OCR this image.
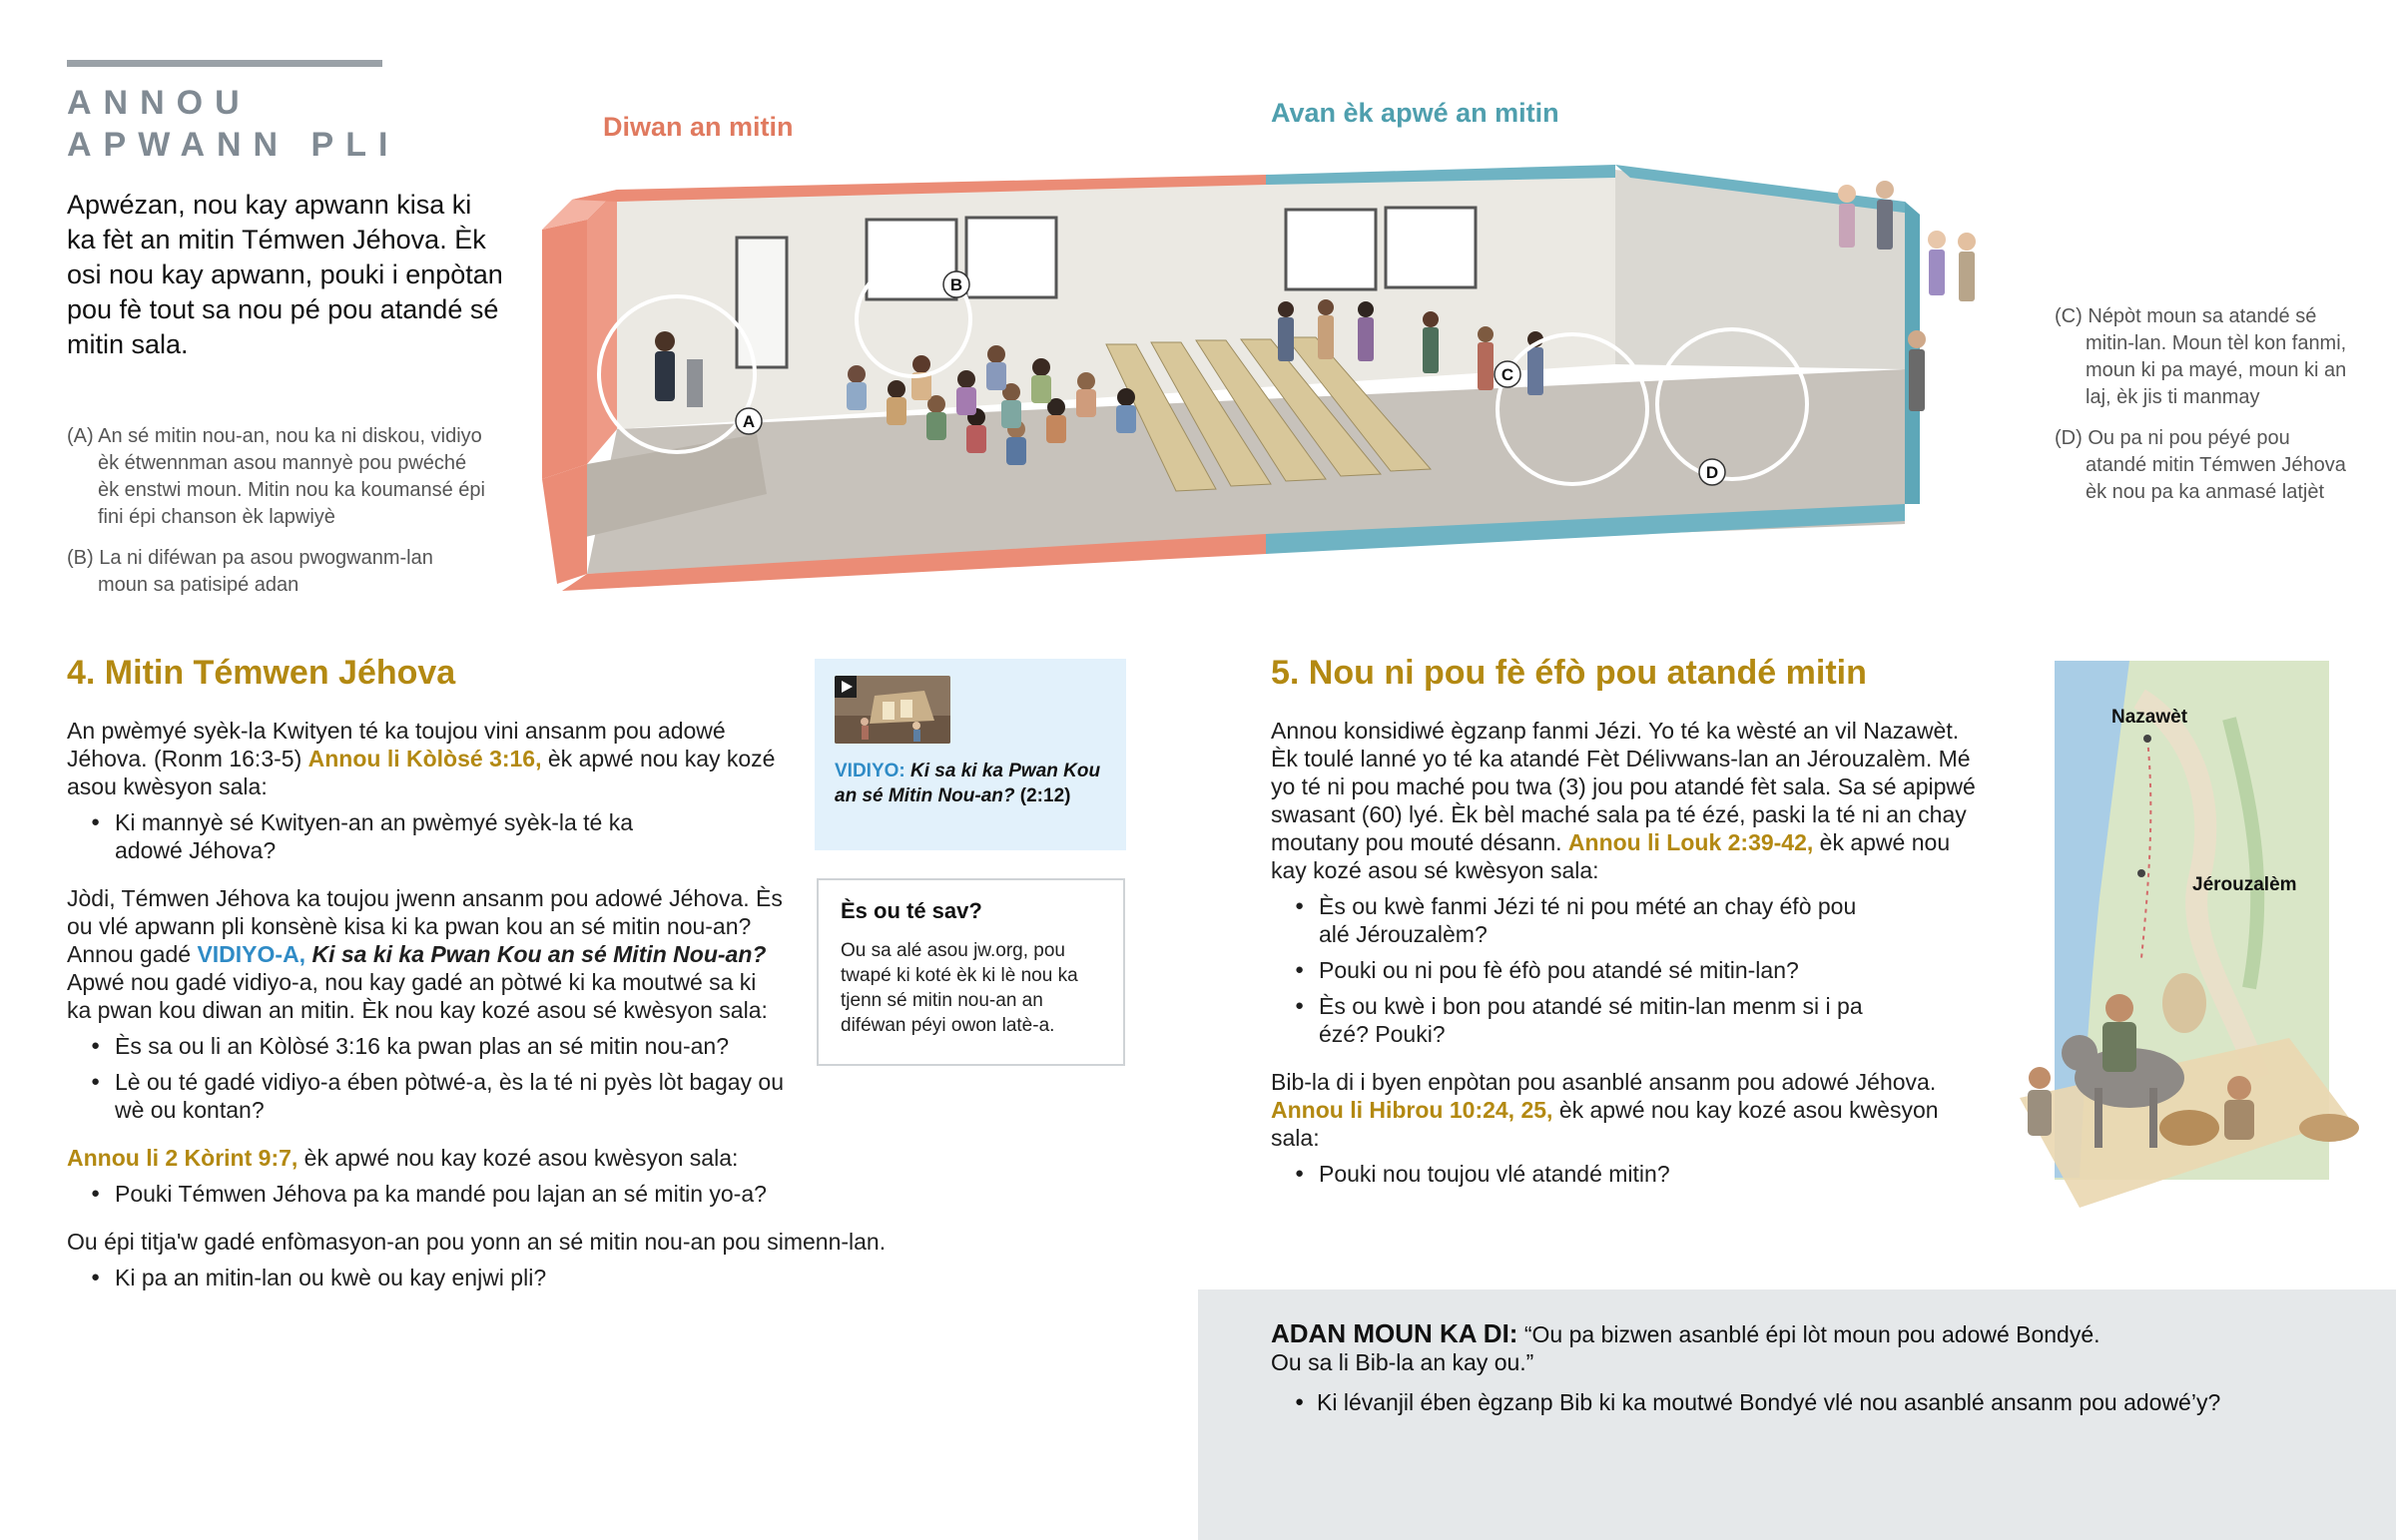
ANNOU
APWANN PLI

Apwézan, nou kay apwann kisa ki ka fèt an mitin Témwen Jéhova. Èk osi nou kay apwann, pouki i enpòtan pou fè tout sa nou pé pou atandé sé mitin sala.

(A) An sé mitin nou-an, nou ka ni diskou, vidiyo èk étwennman asou mannyè pou pwéché èk enstwi moun. Mitin nou ka koumansé épi fini épi chanson èk lapwiyè

(B) La ni diféwan pa asou pwogwanm-lan moun sa patisipé adan

Diwan an mitin	Avan èk apwé an mitin
A
B
C
D

(C) Népòt moun sa atandé sé mitin-lan. Moun tèl kon fanmi, moun ki pa mayé, moun ki an laj, èk jis ti manmay

(D) Ou pa ni pou péyé pou atandé mitin Témwen Jéhova èk nou pa ka anmasé latjèt

4. Mitin Témwen Jéhova

An pwèmyé syèk-la Kwityen té ka toujou vini ansanm pou adowé Jéhova. (Ronm 16:3-5) Annou li Kòlòsé 3:16, èk apwé nou kay kozé asou kwèsyon sala:

● Ki mannyè sé Kwityen-an an pwèmyé syèk-la té ka adowé Jéhova?

Jòdi, Témwen Jéhova ka toujou jwenn ansanm pou adowé Jéhova. Ès ou vlé apwann pli konsènè kisa ki ka pwan kou an sé mitin nou-an? Annou gadé VIDIYO-A, Ki sa ki ka Pwan Kou an sé Mitin Nou-an? Apwé nou gadé vidiyo-a, nou kay gadé an pòtwé ki ka moutwé sa ki ka pwan kou diwan an mitin. Èk nou kay kozé asou sé kwèsyon sala:

● Ès sa ou li an Kòlòsé 3:16 ka pwan plas an sé mitin nou-an?

● Lè ou té gadé vidiyo-a ében pòtwé-a, ès la té ni pyès lòt bagay ou wè ou kontan?

Annou li 2 Kòrint 9:7, èk apwé nou kay kozé asou kwèsyon sala:

● Pouki Témwen Jéhova pa ka mandé pou lajan an sé mitin yo-a?

Ou épi titja'w gadé enfòmasyon-an pou yonn an sé mitin nou-an pou simenn-lan.

● Ki pa an mitin-lan ou kwè ou kay enjwi pli?

VIDIYO: Ki sa ki ka Pwan Kou an sé Mitin Nou-an? (2:12)
Ès ou té sav?
Ou sa alé asou jw.org, pou twapé ki koté èk ki lè nou ka tjenn sé mitin nou-an an diféwan péyi owon latè-a.
5. Nou ni pou fè éfò pou atandé mitin

Annou konsidiwé ègzanp fanmi Jézi. Yo té ka wèsté an vil Nazawèt. Èk toulé lanné yo té ka atandé Fèt Délivwans-lan an Jérouzalèm. Mé yo té ni pou maché pou twa (3) jou pou atandé fèt sala. Sa sé apipwé swasant (60) lyé. Èk bèl maché sala pa té ézé, paski la té ni an chay moutany pou mouté désann. Annou li Louk 2:39-42, èk apwé nou kay kozé asou sé kwèsyon sala:

● Ès ou kwè fanmi Jézi té ni pou mété an chay éfò pou alé Jérouzalèm?

● Pouki ou ni pou fè éfò pou atandé sé mitin-lan?

● Ès ou kwè i bon pou atandé sé mitin-lan menm si i pa ézé? Pouki?

Bib-la di i byen enpòtan pou asanblé ansanm pou adowé Jéhova. Annou li Hibrou 10:24, 25, èk apwé nou kay kozé asou kwèsyon sala:

● Pouki nou toujou vlé atandé mitin?

Nazawèt
Jérouzalèm

ADAN MOUN KA DI: “Ou pa bizwen asanblé épi lòt moun pou adowé Bondyé.

Ou sa li Bib-la an kay ou.”

● Ki lévanjil ében ègzanp Bib ki ka moutwé Bondyé vlé nou asanblé ansanm pou adowé’y?
